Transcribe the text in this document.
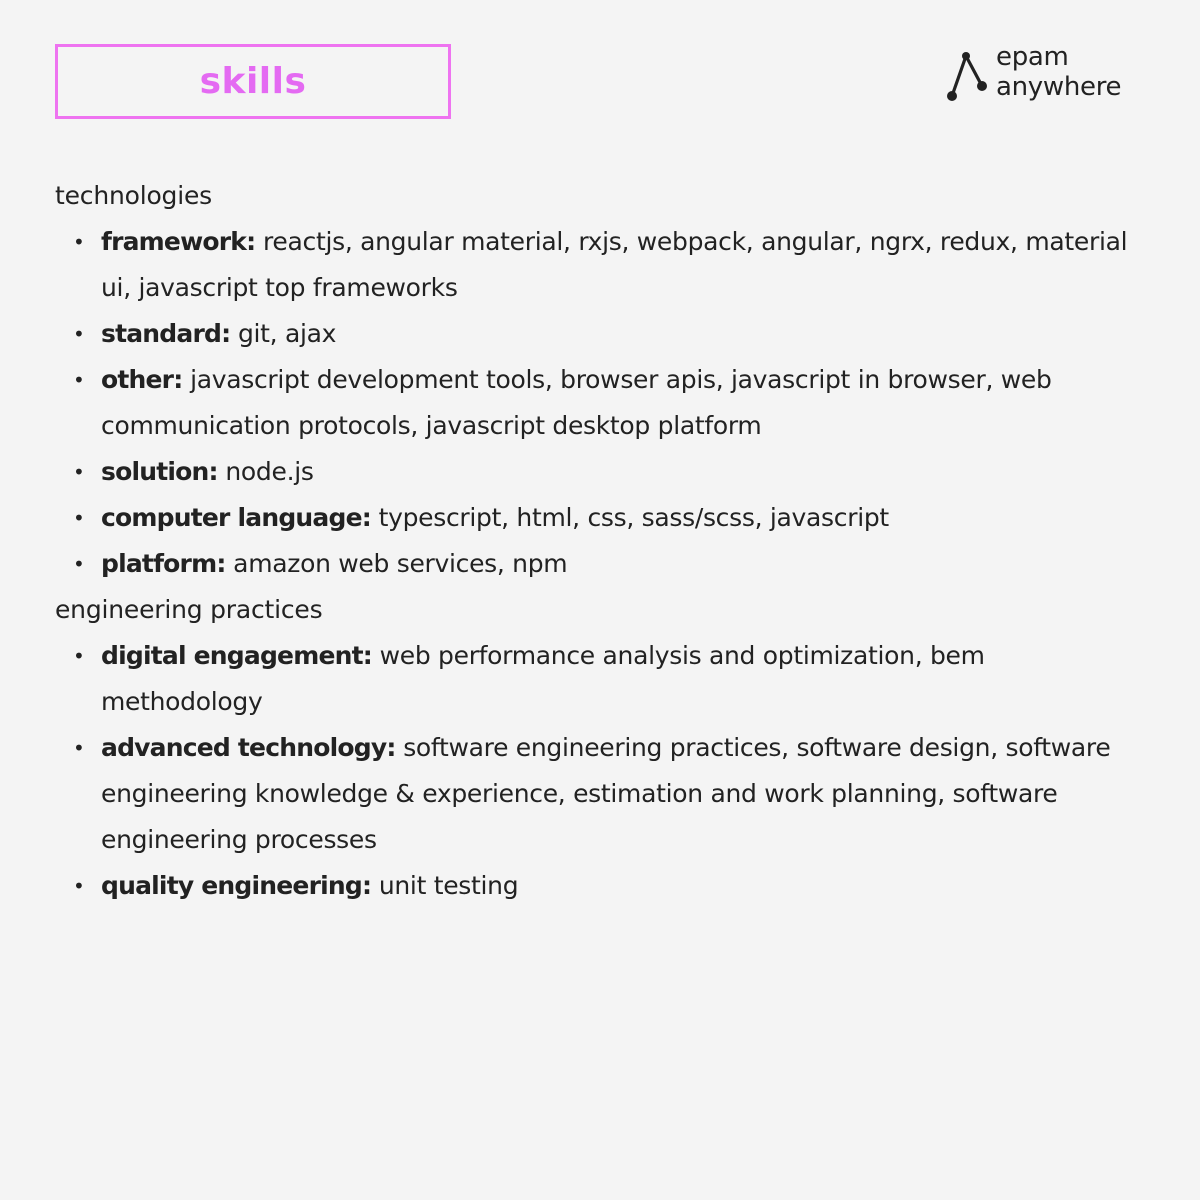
skills
epam
anywhere
technologies
• framework: reactjs, angular material, rxjs, webpack, angular, ngrx, redux, material ui, javascript top frameworks
• standard: git, ajax
• other: javascript development tools, browser apis, javascript in browser, web communication protocols, javascript desktop platform
• solution: node.js
• computer language: typescript, html, css, sass/scss, javascript
• platform: amazon web services, npm
engineering practices
• digital engagement: web performance analysis and optimization, bem methodology
• advanced technology: software engineering practices, software design, software engineering knowledge & experience, estimation and work planning, software engineering processes
• quality engineering: unit testing
